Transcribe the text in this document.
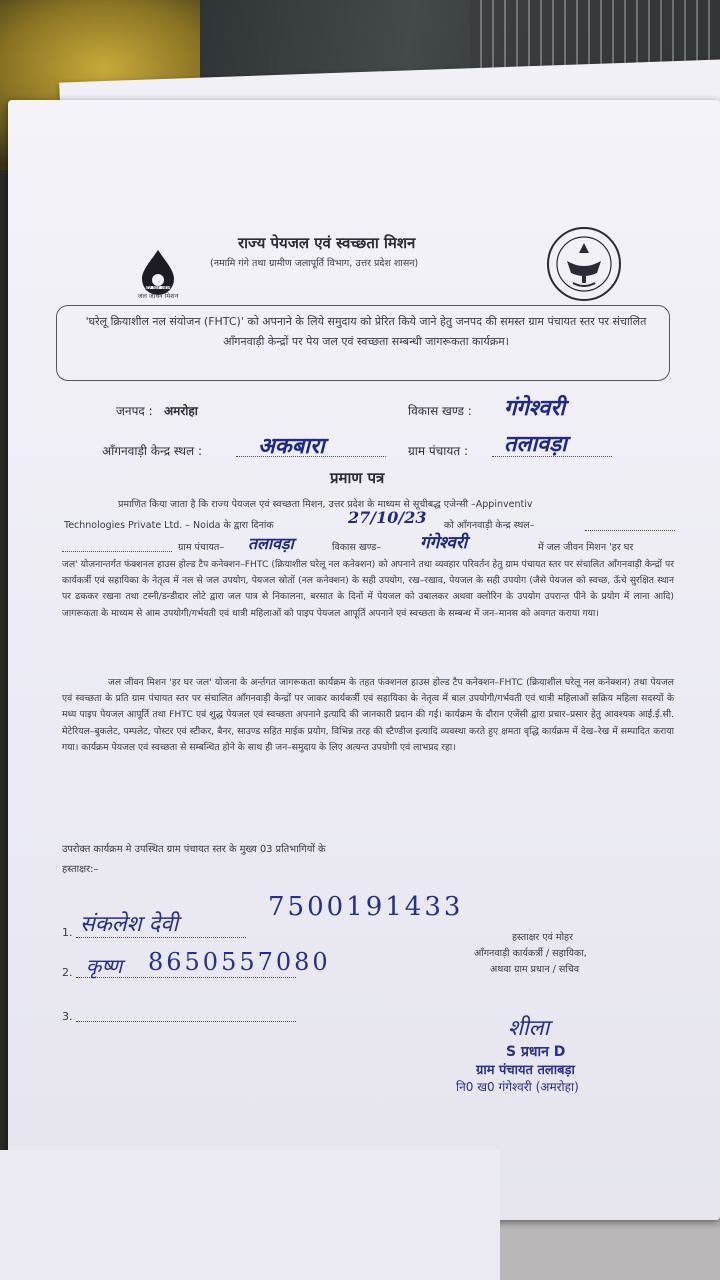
हर घर जल
जल जीवन मिशन
राज्य पेयजल एवं स्वच्छता मिशन
(नमामि गंगे तथा ग्रामीण जलापूर्ति विभाग, उत्तर प्रदेश शासन)
'घरेलू क्रियाशील नल संयोजन (FHTC)' को अपनाने के लिये समुदाय को प्रेरित किये जाने हेतु जनपद की समस्त ग्राम पंचायत स्तर पर संचालित आँगनवाड़ी केन्द्रों पर पेय जल एवं स्वच्छता सम्बन्धी जागरूकता कार्यक्रम।
जनपद : अमरोहा	विकास खण्ड : गंगेश्वरी
आँगनवाड़ी केन्द्र स्थल :	अकबारा	ग्राम पंचायत : तलावड़ा
प्रमाण पत्र
प्रमाणित किया जाता है कि राज्य पेयजल एवं स्वच्छता मिशन, उत्तर प्रदेश के माध्यम से सूचीबद्ध एजेन्सी –Appinventiv
Technologies Private Ltd. – Noida के द्वारा दिनांक	27/10/23 को आँगनवाड़ी केन्द्र स्थल–
ग्राम पंचायत– तलावड़ा	विकास खण्ड– गंगेश्वरी	में जल जीवन मिशन 'हर घर
जल' योजनान्तर्गत फंक्शनल हाउस होल्ड टैप कनेक्शन–FHTC (क्रियाशील घरेलू नल कनेक्शन) को अपनाने तथा व्यवहार परिवर्तन हेतु ग्राम पंचायत स्तर पर संचालित आँगनवाड़ी केन्द्रों पर कार्यकर्त्री एवं सहायिका के नेतृत्व में नल से जल उपयोग, पेयजल स्रोतों (नल कनेक्शन) के सही उपयोग, रख–रखाव, पेयजल के सही उपयोग (जैसे पेयजल को स्वच्छ, ऊँचे सुरक्षित स्थान पर ढककर रखना तथा टस्नी/डन्डीदार लोटे द्वारा जल पात्र से निकालना, बरसात के दिनों में पेयजल को उबालकर अथवा क्लोरिन के उपयोग उपरान्त पीने के प्रयोग में लाना आदि) जागरूकता के माध्यम से आम उपयोगी/गर्भवती एवं धात्री महिलाओं को पाइप पेयजल आपूर्ति अपनाने एवं स्वच्छता के सम्बन्ध में जन–मानस को अवगत कराया गया।
जल जीवन मिशन 'हर घर जल' योजना के अर्न्तगत जागरूकता कार्यक्रम के तहत फंक्शनल हाउस होल्ड टैप कनेक्शन–FHTC (क्रियाशील घरेलू नल कनेक्शन) तथा पेयजल एवं स्वच्छता के प्रति ग्राम पंचायत स्तर पर संचालित आँगनवाड़ी केन्द्रों पर जाकर कार्यकर्त्री एवं सहायिका के नेतृत्व में बाल उपयोगी/गर्भवती एवं धात्री महिलाओं सक्रिय महिला सदस्यों के मध्य पाइप पेयजल आपूर्ति तथा FHTC एवं शुद्ध पेयजल एवं स्वच्छता अपनाने इत्यादि की जानकारी प्रदान की गई। कार्यक्रम के दौरान एजेंसी द्वारा प्रचार–प्रसार हेतु आवश्यक आई.ई.सी. मेटेरियल–बुकलेट, पम्पलेट, पोस्टर एवं स्टीकर, बैनर, साउण्ड सहित माईक प्रयोग, विभिन्न तरह की स्टैण्डीज इत्यादि व्यवस्था करते हुए क्षमता वृद्धि कार्यक्रम में देख–रेख में सम्पादित कराया गया। कार्यक्रम पेयजल एवं स्वच्छता से सम्बन्धित होने के साथ ही जन–समुदाय के लिए अत्यन्त उपयोगी एवं लाभप्रद रहा।
उपरोक्त कार्यक्रम मे उपस्थित ग्राम पंचायत स्तर के मुख्य 03 प्रतिभागियों के
हस्ताक्षर:–
1. संकलेश देवी
7500191433
2. कृष्ण 8650557080
3.
हस्ताक्षर एवं मोहर
आँगनवाड़ी कार्यकर्त्री / सहायिका,
अथवा ग्राम प्रधान / सचिव
शीला
S प्रधान D
ग्राम पंचायत तलाबड़ा
नि0 ख0 गंगेश्वरी (अमरोहा)
